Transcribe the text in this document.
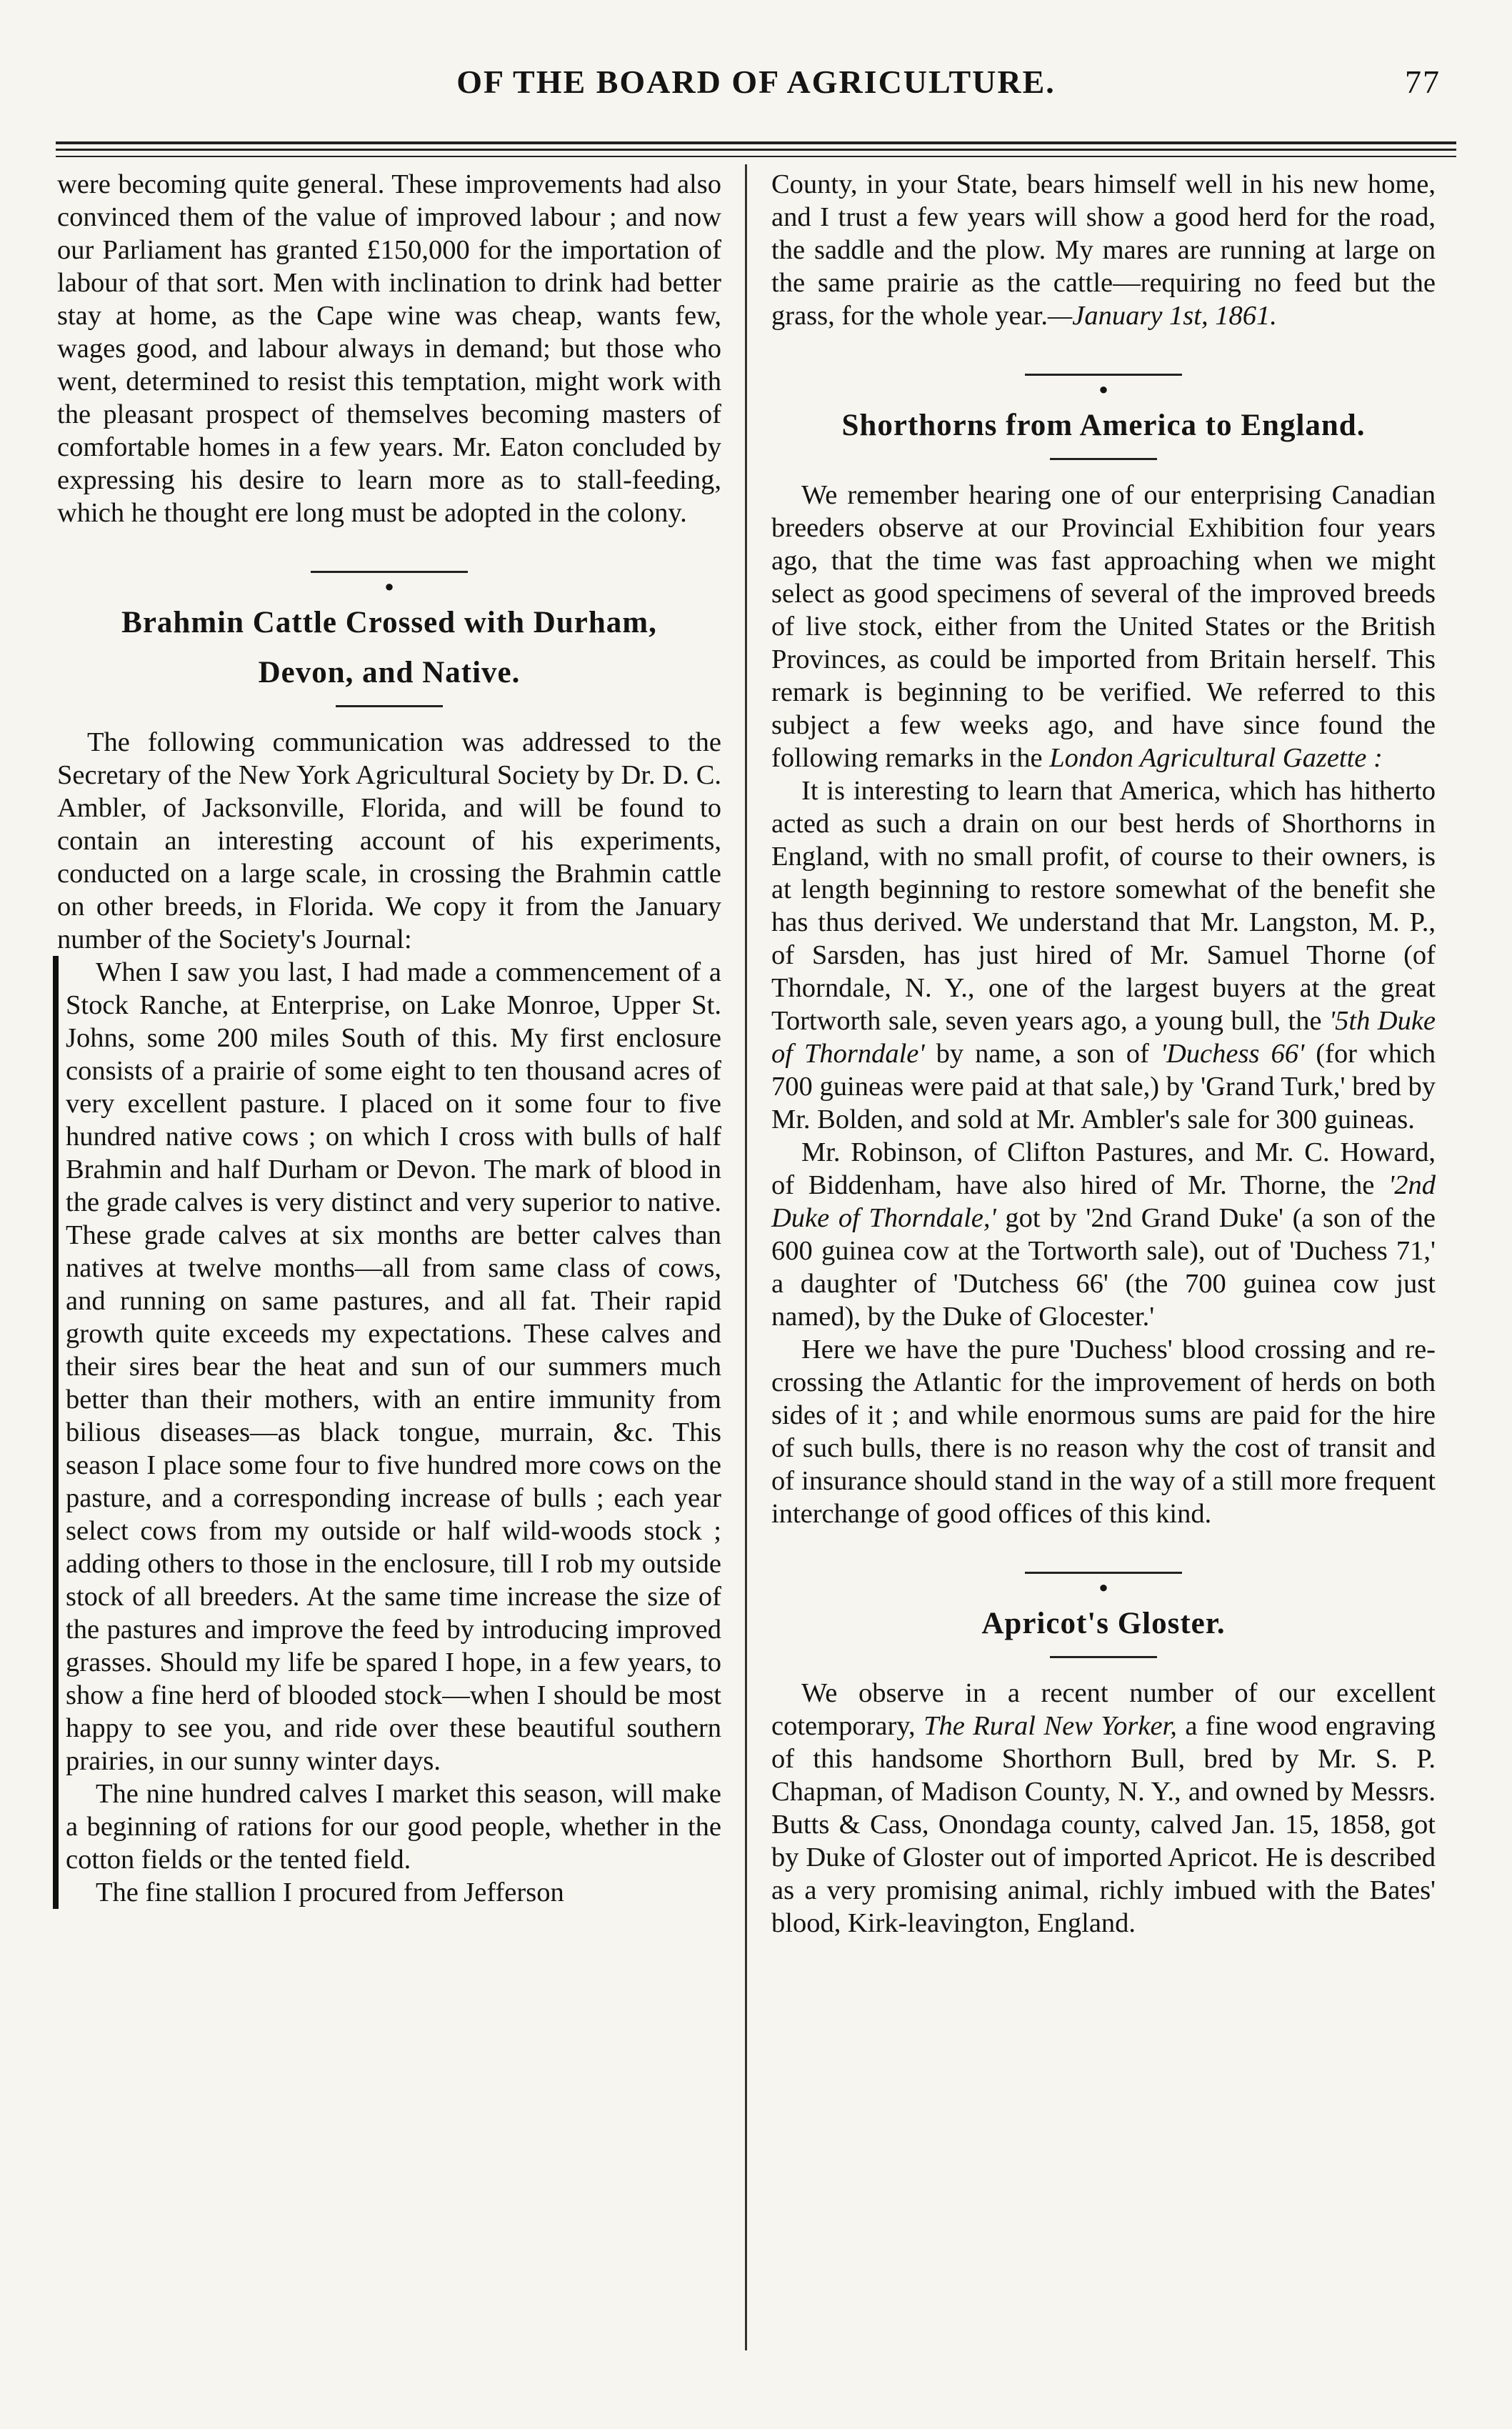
OF THE BOARD OF AGRICULTURE.	77

were becoming quite general. These improvements had also convinced them of the value of improved labour ; and now our Parliament has granted £150,000 for the importation of labour of that sort. Men with inclination to drink had better stay at home, as the Cape wine was cheap, wants few, wages good, and labour always in demand; but those who went, determined to resist this temptation, might work with the pleasant prospect of themselves becoming masters of comfortable homes in a few years. Mr. Eaton concluded by expressing his desire to learn more as to stall-feeding, which he thought ere long must be adopted in the colony.

●
Brahmin Cattle Crossed with Durham,
Devon, and Native.

The following communication was addressed to the Secretary of the New York Agricultural Society by Dr. D. C. Ambler, of Jacksonville, Florida, and will be found to contain an interesting account of his experiments, conducted on a large scale, in crossing the Brahmin cattle on other breeds, in Florida. We copy it from the January number of the Society's Journal:

When I saw you last, I had made a commencement of a Stock Ranche, at Enterprise, on Lake Monroe, Upper St. Johns, some 200 miles South of this. My first enclosure consists of a prairie of some eight to ten thousand acres of very excellent pasture. I placed on it some four to five hundred native cows ; on which I cross with bulls of half Brahmin and half Durham or Devon. The mark of blood in the grade calves is very distinct and very superior to native. These grade calves at six months are better calves than natives at twelve months—all from same class of cows, and running on same pastures, and all fat. Their rapid growth quite exceeds my expectations. These calves and their sires bear the heat and sun of our summers much better than their mothers, with an entire immunity from bilious diseases—as black tongue, murrain, &c. This season I place some four to five hundred more cows on the pasture, and a corresponding increase of bulls ; each year select cows from my outside or half wild-woods stock ; adding others to those in the enclosure, till I rob my outside stock of all breeders. At the same time increase the size of the pastures and improve the feed by introducing improved grasses. Should my life be spared I hope, in a few years, to show a fine herd of blooded stock—when I should be most happy to see you, and ride over these beautiful southern prairies, in our sunny winter days.

The nine hundred calves I market this season, will make a beginning of rations for our good people, whether in the cotton fields or the tented field.

The fine stallion I procured from Jefferson

County, in your State, bears himself well in his new home, and I trust a few years will show a good herd for the road, the saddle and the plow. My mares are running at large on the same prairie as the cattle—requiring no feed but the grass, for the whole year.—January 1st, 1861.

●
Shorthorns from America to England.

We remember hearing one of our enterprising Canadian breeders observe at our Provincial Exhibition four years ago, that the time was fast approaching when we might select as good specimens of several of the improved breeds of live stock, either from the United States or the British Provinces, as could be imported from Britain herself. This remark is beginning to be verified. We referred to this subject a few weeks ago, and have since found the following remarks in the London Agricultural Gazette :

It is interesting to learn that America, which has hitherto acted as such a drain on our best herds of Shorthorns in England, with no small profit, of course to their owners, is at length beginning to restore somewhat of the benefit she has thus derived. We understand that Mr. Langston, M. P., of Sarsden, has just hired of Mr. Samuel Thorne (of Thorndale, N. Y., one of the largest buyers at the great Tortworth sale, seven years ago, a young bull, the '5th Duke of Thorndale' by name, a son of 'Duchess 66' (for which 700 guineas were paid at that sale,) by 'Grand Turk,' bred by Mr. Bolden, and sold at Mr. Ambler's sale for 300 guineas.

Mr. Robinson, of Clifton Pastures, and Mr. C. Howard, of Biddenham, have also hired of Mr. Thorne, the '2nd Duke of Thorndale,' got by '2nd Grand Duke' (a son of the 600 guinea cow at the Tortworth sale), out of 'Duchess 71,' a daughter of 'Dutchess 66' (the 700 guinea cow just named), by the Duke of Glocester.'

Here we have the pure 'Duchess' blood crossing and re-crossing the Atlantic for the improvement of herds on both sides of it ; and while enormous sums are paid for the hire of such bulls, there is no reason why the cost of transit and of insurance should stand in the way of a still more frequent interchange of good offices of this kind.

●
Apricot's Gloster.

We observe in a recent number of our excellent cotemporary, The Rural New Yorker, a fine wood engraving of this handsome Shorthorn Bull, bred by Mr. S. P. Chapman, of Madison County, N. Y., and owned by Messrs. Butts & Cass, Onondaga county, calved Jan. 15, 1858, got by Duke of Gloster out of imported Apricot. He is described as a very promising animal, richly imbued with the Bates' blood, Kirk-leavington, England.
